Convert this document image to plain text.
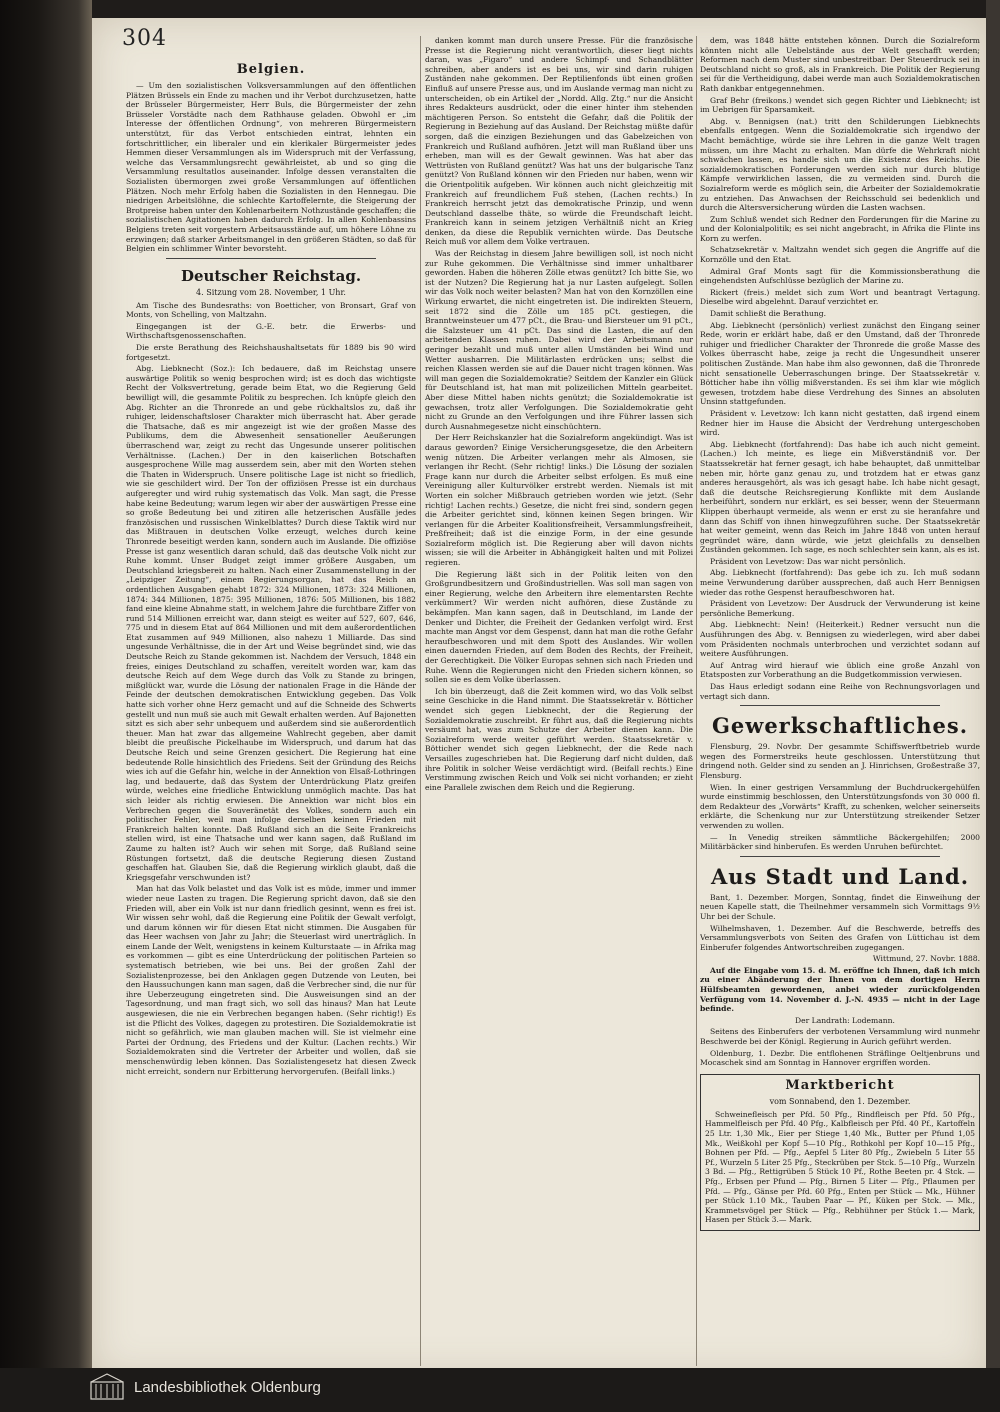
304
Belgien.
— Um den sozialistischen Volksversammlungen auf den öffentlichen Plätzen Brüssels ein Ende zu machen und ihr Verbot durchzusetzen, hatte der Brüsseler Bürgermeister, Herr Buls, die Bürgermeister der zehn Brüsseler Vorstädte nach dem Rathhause geladen. Obwohl er „im Interesse der öffentlichen Ordnung“, von mehreren Bürgermeistern unterstützt, für das Verbot entschieden eintrat, lehnten ein fortschrittlicher, ein liberaler und ein klerikaler Bürgermeister jedes Hemmen dieser Versammlungen als im Widerspruch mit der Verfassung, welche das Versammlungsrecht gewährleistet, ab und so ging die Versammlung resultatlos auseinander. Infolge dessen veranstalten die Sozialisten übermorgen zwei große Versammlungen auf öffentlichen Plätzen. Noch mehr Erfolg haben die Sozialisten in den Hennegau. Die niedrigen Arbeitslöhne, die schlechte Kartoffelernte, die Steigerung der Brotpreise haben unter den Kohlenarbeitern Nothzustände geschaffen; die sozialistischen Agitationen haben dadurch Erfolg. In allen Kohlenbassins Belgiens treten seit vorgestern Arbeitsausstände auf, um höhere Löhne zu erzwingen; daß starker Arbeitsmangel in den größeren Städten, so daß für Belgien ein schlimmer Winter bevorsteht.
Deutscher Reichstag.
4. Sitzung vom 28. November, 1 Uhr.
Am Tische des Bundesraths: von Boetticher, von Bronsart, Graf von Monts, von Schelling, von Maltzahn.
Eingegangen ist der G.-E. betr. die Erwerbs- und Wirthschaftsgenossenschaften.
Die erste Berathung des Reichshaushaltsetats für 1889 bis 90 wird fortgesetzt.
Abg. Liebknecht (Soz.): Ich bedauere, daß im Reichstag unsere auswärtige Politik so wenig besprochen wird; ist es doch das wichtigste Recht der Volksvertretung, gerade beim Etat, wo die Regierung Geld bewilligt will, die gesammte Politik zu besprechen. Ich knüpfe gleich den Abg. Richter an die Thronrede an und gebe rückhaltslos zu, daß ihr ruhiger, leidenschaftsloser Charakter mich überrascht hat. Aber gerade die Thatsache, daß es mir angezeigt ist wie der großen Masse des Publikums, dem die Abwesenheit sensationeller Aeußerungen überraschend war, zeigt zu recht das Ungesunde unserer politischen Verhältnisse. (Lachen.) Der in den kaiserlichen Botschaften ausgesprochene Wille mag ausserdem sein, aber mit den Worten stehen die Thaten in Widerspruch. Unsere politische Lage ist nicht so friedlich, wie sie geschildert wird. Der Ton der offiziösen Presse ist ein durchaus aufgeregter und wird ruhig systematisch das Volk. Man sagt, die Presse habe keine Bedeutung; warum legen wir aber der auswärtigen Presse eine so große Bedeutung bei und zitiren alle hetzerischen Ausfälle jedes französischen und russischen Winkelblattes? Durch diese Taktik wird nur das Mißtrauen in deutschen Volke erzeugt, welches durch keine Thronrede beseitigt werden kann, sondern auch im Auslande. Die offiziöse Presse ist ganz wesentlich daran schuld, daß das deutsche Volk nicht zur Ruhe kommt. Unser Budget zeigt immer größere Ausgaben, um Deutschland kriegsbereit zu halten. Nach einer Zusammenstellung in der „Leipziger Zeitung“, einem Regierungsorgan, hat das Reich an ordentlichen Ausgaben gehabt 1872: 324 Millionen, 1873: 324 Millionen, 1874: 344 Millionen, 1875: 395 Millionen, 1876: 505 Millionen, bis 1882 fand eine kleine Abnahme statt, in welchem Jahre die furchtbare Ziffer von rund 514 Millionen erreicht war, dann steigt es weiter auf 527, 607, 646, 775 und in diesem Etat auf 864 Millionen und mit dem außerordentlichen Etat zusammen auf 949 Millionen, also nahezu 1 Milliarde. Das sind ungesunde Verhältnisse, die in der Art und Weise begründet sind, wie das Deutsche Reich zu Stande gekommen ist. Nachdem der Versuch, 1848 ein freies, einiges Deutschland zu schaffen, vereitelt worden war, kam das deutsche Reich auf dem Wege durch das Volk zu Stande zu bringen, mißglückt war, wurde die Lösung der nationalen Frage in die Hände der Feinde der deutschen demokratischen Entwicklung gegeben. Das Volk hatte sich vorher ohne Herz gemacht und auf die Schneide des Schwerts gestellt und nun muß sie auch mit Gewalt erhalten werden. Auf Bajonetten sitzt es sich aber sehr unbequem und außerdem sind sie außerordentlich theuer. Man hat zwar das allgemeine Wahlrecht gegeben, aber damit bleibt die preußische Pickelhaube im Widerspruch, und darum hat das Deutsche Reich und seine Grenzen gesichert. Die Regierung hat eine bedeutende Rolle hinsichtlich des Friedens. Seit der Gründung des Reichs wies ich auf die Gefahr hin, welche in der Annektion von Elsaß-Lothringen lag, und bedauerte, daß das System der Unterdrückung Platz greifen würde, welches eine friedliche Entwicklung unmöglich machte. Das hat sich leider als richtig erwiesen. Die Annektion war nicht blos ein Verbrechen gegen die Souveränetät des Volkes, sondern auch ein politischer Fehler, weil man infolge derselben keinen Frieden mit Frankreich halten konnte. Daß Rußland sich an die Seite Frankreichs stellen wird, ist eine Thatsache und wer kann sagen, daß Rußland im Zaume zu halten ist? Auch wir sehen mit Sorge, daß Rußland seine Rüstungen fortsetzt, daß die deutsche Regierung diesen Zustand geschaffen hat. Glauben Sie, daß die Regierung wirklich glaubt, daß die Kriegsgefahr verschwunden ist?
Man hat das Volk belastet und das Volk ist es müde, immer und immer wieder neue Lasten zu tragen. Die Regierung spricht davon, daß sie den Frieden will, aber ein Volk ist nur dann friedlich gesinnt, wenn es frei ist. Wir wissen sehr wohl, daß die Regierung eine Politik der Gewalt verfolgt, und darum können wir für diesen Etat nicht stimmen. Die Ausgaben für das Heer wachsen von Jahr zu Jahr; die Steuerlast wird unerträglich. In einem Lande der Welt, wenigstens in keinem Kulturstaate — in Afrika mag es vorkommen — gibt es eine Unterdrückung der politischen Parteien so systematisch betrieben, wie bei uns. Bei der großen Zahl der Sozialistenprozesse, bei den Anklagen gegen Dutzende von Leuten, bei den Haussuchungen kann man sagen, daß die Verbrecher sind, die nur für ihre Ueberzeugung eingetreten sind. Die Ausweisungen sind an der Tagesordnung, und man fragt sich, wo soll das hinaus? Man hat Leute ausgewiesen, die nie ein Verbrechen begangen haben. (Sehr richtig!) Es ist die Pflicht des Volkes, dagegen zu protestiren. Die Sozialdemokratie ist nicht so gefährlich, wie man glauben machen will. Sie ist vielmehr eine Partei der Ordnung, des Friedens und der Kultur. (Lachen rechts.) Wir Sozialdemokraten sind die Vertreter der Arbeiter und wollen, daß sie menschenwürdig leben können. Das Sozialistengesetz hat diesen Zweck nicht erreicht, sondern nur Erbitterung hervorgerufen. (Beifall links.)
danken kommt man durch unsere Presse. Für die französische Presse ist die Regierung nicht verantwortlich, dieser liegt nichts daran, was „Figaro“ und andere Schimpf- und Schandblätter schreiben, aber anders ist es bei uns, wir sind darin ruhigen Zuständen nahe gekommen. Der Reptilienfonds übt einen großen Einfluß auf unsere Presse aus, und im Auslande vermag man nicht zu unterscheiden, ob ein Artikel der „Nordd. Allg. Ztg.“ nur die Ansicht ihres Redakteurs ausdrückt, oder die einer hinter ihm stehenden mächtigeren Person. So entsteht die Gefahr, daß die Politik der Regierung in Beziehung auf das Ausland. Der Reichstag müßte dafür sorgen, daß die einzigen Beziehungen und das Gabelzeichen von Frankreich und Rußland aufhören. Jetzt will man Rußland über uns erheben, man will es der Gewalt gewinnen. Was hat aber das Wettrüsten von Rußland genützt? Was hat uns der bulgarische Tanz genützt? Von Rußland können wir den Frieden nur haben, wenn wir die Orientpolitik aufgeben. Wir können auch nicht gleichzeitig mit Frankreich auf freundlichem Fuß stehen, (Lachen rechts.) In Frankreich herrscht jetzt das demokratische Prinzip, und wenn Deutschland dasselbe thäte, so würde die Freundschaft leicht. Frankreich kann in seinem jetzigen Verhältniß nicht an Krieg denken, da diese die Republik vernichten würde. Das Deutsche Reich muß vor allem dem Volke vertrauen.
Was der Reichstag in diesem Jahre bewilligen soll, ist noch nicht zur Ruhe gekommen. Die Verhältnisse sind immer unhaltbarer geworden. Haben die höheren Zölle etwas genützt? Ich bitte Sie, wo ist der Nutzen? Die Regierung hat ja nur Lasten aufgelegt. Sollen wir das Volk noch weiter belasten? Man hat von den Kornzöllen eine Wirkung erwartet, die nicht eingetreten ist. Die indirekten Steuern, seit 1872 sind die Zölle um 185 pCt. gestiegen, die Branntweinsteuer um 477 pCt., die Brau- und Biersteuer um 91 pCt., die Salzsteuer um 41 pCt. Das sind die Lasten, die auf den arbeitenden Klassen ruhen. Dabei wird der Arbeitsmann nur geringer bezahlt und muß unter allen Umständen bei Wind und Wetter ausharren. Die Militärlasten erdrücken uns; selbst die reichen Klassen werden sie auf die Dauer nicht tragen können. Was will man gegen die Sozialdemokratie? Seitdem der Kanzler ein Glück für Deutschland ist, hat man mit polizeilichen Mitteln gearbeitet. Aber diese Mittel haben nichts genützt; die Sozialdemokratie ist gewachsen, trotz aller Verfolgungen. Die Sozialdemokratie geht nicht zu Grunde an den Verfolgungen und ihre Führer lassen sich durch Ausnahmegesetze nicht einschüchtern.
Der Herr Reichskanzler hat die Sozialreform angekündigt. Was ist daraus geworden? Einige Versicherungsgesetze, die den Arbeitern wenig nützen. Die Arbeiter verlangen mehr als Almosen, sie verlangen ihr Recht. (Sehr richtig! links.) Die Lösung der sozialen Frage kann nur durch die Arbeiter selbst erfolgen. Es muß eine Vereinigung aller Kulturvölker erstrebt werden. Niemals ist mit Worten ein solcher Mißbrauch getrieben worden wie jetzt. (Sehr richtig! Lachen rechts.) Gesetze, die nicht frei sind, sondern gegen die Arbeiter gerichtet sind, können keinen Segen bringen. Wir verlangen für die Arbeiter Koalitionsfreiheit, Versammlungsfreiheit, Preßfreiheit; daß ist die einzige Form, in der eine gesunde Sozialreform möglich ist. Die Regierung aber will davon nichts wissen; sie will die Arbeiter in Abhängigkeit halten und mit Polizei regieren.
Die Regierung läßt sich in der Politik leiten von den Großgrundbesitzern und Großindustriellen. Was soll man sagen von einer Regierung, welche den Arbeitern ihre elementarsten Rechte verkümmert? Wir werden nicht aufhören, diese Zustände zu bekämpfen. Man kann sagen, daß in Deutschland, im Lande der Denker und Dichter, die Freiheit der Gedanken verfolgt wird. Erst machte man Angst vor dem Gespenst, dann hat man die rothe Gefahr heraufbeschworen und mit dem Spott des Auslandes. Wir wollen einen dauernden Frieden, auf dem Boden des Rechts, der Freiheit, der Gerechtigkeit. Die Völker Europas sehnen sich nach Frieden und Ruhe. Wenn die Regierungen nicht den Frieden sichern können, so sollen sie es dem Volke überlassen.
Ich bin überzeugt, daß die Zeit kommen wird, wo das Volk selbst seine Geschicke in die Hand nimmt. Die Staatssekretär v. Bötticher wendet sich gegen Liebknecht, der die Regierung der Sozialdemokratie zuschreibt. Er führt aus, daß die Regierung nichts versäumt hat, was zum Schutze der Arbeiter dienen kann. Die Sozialreform werde weiter geführt werden. Staatssekretär v. Bötticher wendet sich gegen Liebknecht, der die Rede nach Versailles zugeschrieben hat. Die Regierung darf nicht dulden, daß ihre Politik in solcher Weise verdächtigt wird. (Beifall rechts.) Eine Verstimmung zwischen Reich und Volk sei nicht vorhanden; er zieht eine Parallele zwischen dem Reich und die Regierung.
dem, was 1848 hätte entstehen können. Durch die Sozialreform könnten nicht alle Uebelstände aus der Welt geschafft werden; Reformen nach dem Muster sind unbestreitbar. Der Steuerdruck sei in Deutschland nicht so groß, als in Frankreich. Die Politik der Regierung sei für die Vertheidigung, dabei werde man auch Sozialdemokratischen Rath dankbar entgegennehmen.
Graf Behr (freikons.) wendet sich gegen Richter und Liebknecht; ist im Uebrigen für Sparsamkeit.
Abg. v. Bennigsen (nat.) tritt den Schilderungen Liebknechts ebenfalls entgegen. Wenn die Sozialdemokratie sich irgendwo der Macht bemächtige, würde sie ihre Lehren in die ganze Welt tragen müssen, um ihre Macht zu erhalten. Man dürfe die Wehrkraft nicht schwächen lassen, es handle sich um die Existenz des Reichs. Die sozialdemokratischen Forderungen werden sich nur durch blutige Kämpfe verwirklichen lassen, die zu vermeiden sind. Durch die Sozialreform werde es möglich sein, die Arbeiter der Sozialdemokratie zu entziehen. Das Anwachsen der Reichsschuld sei bedenklich und durch die Altersversicherung würden die Lasten wachsen.
Zum Schluß wendet sich Redner den Forderungen für die Marine zu und der Kolonialpolitik; es sei nicht angebracht, in Afrika die Flinte ins Korn zu werfen.
Schatzsekretär v. Maltzahn wendet sich gegen die Angriffe auf die Kornzölle und den Etat.
Admiral Graf Monts sagt für die Kommissionsberathung die eingehendsten Aufschlüsse bezüglich der Marine zu.
Rickert (freis.) meldet sich zum Wort und beantragt Vertagung. Dieselbe wird abgelehnt. Darauf verzichtet er.
Damit schließt die Berathung.
Abg. Liebknecht (persönlich) verliest zunächst den Eingang seiner Rede, worin er erklärt habe, daß er den Umstand, daß der Thronrede ruhiger und friedlicher Charakter der Thronrede die große Masse des Volkes überrascht habe, zeige ja recht die Ungesundheit unserer politischen Zustände. Man habe ihm also gewonnen, daß die Thronrede nicht sensationelle Ueberraschungen bringe. Der Staatssekretär v. Bötticher habe ihn völlig mißverstanden. Es sei ihm klar wie möglich gewesen, trotzdem habe diese Verdrehung des Sinnes an absoluten Unsinn stattgefunden.
Präsident v. Levetzow: Ich kann nicht gestatten, daß irgend einem Redner hier im Hause die Absicht der Verdrehung untergeschoben wird.
Abg. Liebknecht (fortfahrend): Das habe ich auch nicht gemeint. (Lachen.) Ich meinte, es liege ein Mißverständniß vor. Der Staatssekretär hat ferner gesagt, ich habe behauptet, daß unmittelbar neben mir, hörte ganz genau zu, und trotzdem hat er etwas ganz anderes herausgehört, als was ich gesagt habe. Ich habe nicht gesagt, daß die deutsche Reichsregierung Konflikte mit dem Auslande herbeiführt, sondern nur erklärt, es sei besser, wenn der Steuermann Klippen überhaupt vermeide, als wenn er erst zu sie heranfahre und dann das Schiff von ihnen hinwegzuführen suche. Der Staatssekretär hat weiter gemeint, wenn das Reich im Jahre 1848 von unten herauf gegründet wäre, dann würde, wie jetzt gleichfalls zu denselben Zuständen gekommen. Ich sage, es noch schlechter sein kann, als es ist.
Präsident von Levetzow: Das war nicht persönlich.
Abg. Liebknecht (fortfahrend): Das gebe ich zu. Ich muß sodann meine Verwunderung darüber aussprechen, daß auch Herr Bennigsen wieder das rothe Gespenst heraufbeschworen hat.
Präsident von Levetzow: Der Ausdruck der Verwunderung ist keine persönliche Bemerkung.
Abg. Liebknecht: Nein! (Heiterkeit.) Redner versucht nun die Ausführungen des Abg. v. Bennigsen zu wiederlegen, wird aber dabei vom Präsidenten nochmals unterbrochen und verzichtet sodann auf weitere Ausführungen.
Auf Antrag wird hierauf wie üblich eine große Anzahl von Etatsposten zur Vorberathung an die Budgetkommission verwiesen.
Das Haus erledigt sodann eine Reihe von Rechnungsvorlagen und vertagt sich dann.
Gewerkschaftliches.
Flensburg, 29. Novbr. Der gesammte Schiffswerftbetrieb wurde wegen des Formerstreiks heute geschlossen. Unterstützung thut dringend noth. Gelder sind zu senden an J. Hinrichsen, Großestraße 37, Flensburg.
Wien. In einer gestrigen Versammlung der Buchdruckergehülfen wurde einstimmig beschlossen, den Unterstützungsfonds von 30 000 fl. dem Redakteur des „Vorwärts“ Krafft, zu schenken, welcher seinerseits erklärte, die Schenkung nur zur Unterstützung streikender Setzer verwenden zu wollen.
— In Venedig streiken sämmtliche Bäckergehilfen; 2000 Militärbäcker sind hinberufen. Es werden Unruhen befürchtet.
Aus Stadt und Land.
Bant, 1. Dezember. Morgen, Sonntag, findet die Einweihung der neuen Kapelle statt, die Theilnehmer versammeln sich Vormittags 9½ Uhr bei der Schule.
Wilhelmshaven, 1. Dezember. Auf die Beschwerde, betreffs des Versammlungsverbots von Seiten des Grafen von Lüttichau ist dem Einberufer folgendes Antwortschreiben zugegangen.
Wittmund, 27. Novbr. 1888.
Auf die Eingabe vom 15. d. M. eröffne ich Ihnen, daß ich mich zu einer Abänderung der Ihnen von dem dortigen Herrn Hülfsbeamten gewordenen, anbei wieder zurückfolgenden Verfügung vom 14. November d. J.-N. 4935 — nicht in der Lage befinde.
Der Landrath: Lodemann.
Seitens des Einberufers der verbotenen Versammlung wird nunmehr Beschwerde bei der Königl. Regierung in Aurich geführt werden.
Oldenburg, 1. Dezbr. Die entflohenen Sträflinge Oeltjenbruns und Mocaschek sind am Sonntag in Hannover ergriffen worden.
Marktbericht
vom Sonnabend, den 1. Dezember.
Schweinefleisch per Pfd. 50 Pfg., Rindfleisch per Pfd. 50 Pfg., Hammelfleisch per Pfd. 40 Pfg., Kalbfleisch per Pfd. 40 Pf., Kartoffeln 25 Ltr. 1,30 Mk., Eier per Stiege 1,40 Mk., Butter per Pfund 1,05 Mk., Weißkohl per Kopf 5—10 Pfg., Rothkohl per Kopf 10—15 Pfg., Bohnen per Pfd. — Pfg., Aepfel 5 Liter 80 Pfg., Zwiebeln 5 Liter 55 Pf., Wurzeln 5 Liter 25 Pfg., Steckrüben per Stck. 5—10 Pfg., Wurzeln 3 Bd. — Pfg., Rettigrüben 5 Stück 10 Pf., Rothe Beeten pr. 4 Stck. — Pfg., Erbsen per Pfund — Pfg., Birnen 5 Liter — Pfg., Pflaumen per Pfd. — Pfg., Gänse per Pfd. 60 Pfg., Enten per Stück — Mk., Hühner per Stück 1.10 Mk., Tauben Paar — Pf., Küken per Stck. — Mk., Krammetsvögel per Stück — Pfg., Rebhühner per Stück 1.— Mark, Hasen per Stück 3.— Mark.
Landesbibliothek Oldenburg
